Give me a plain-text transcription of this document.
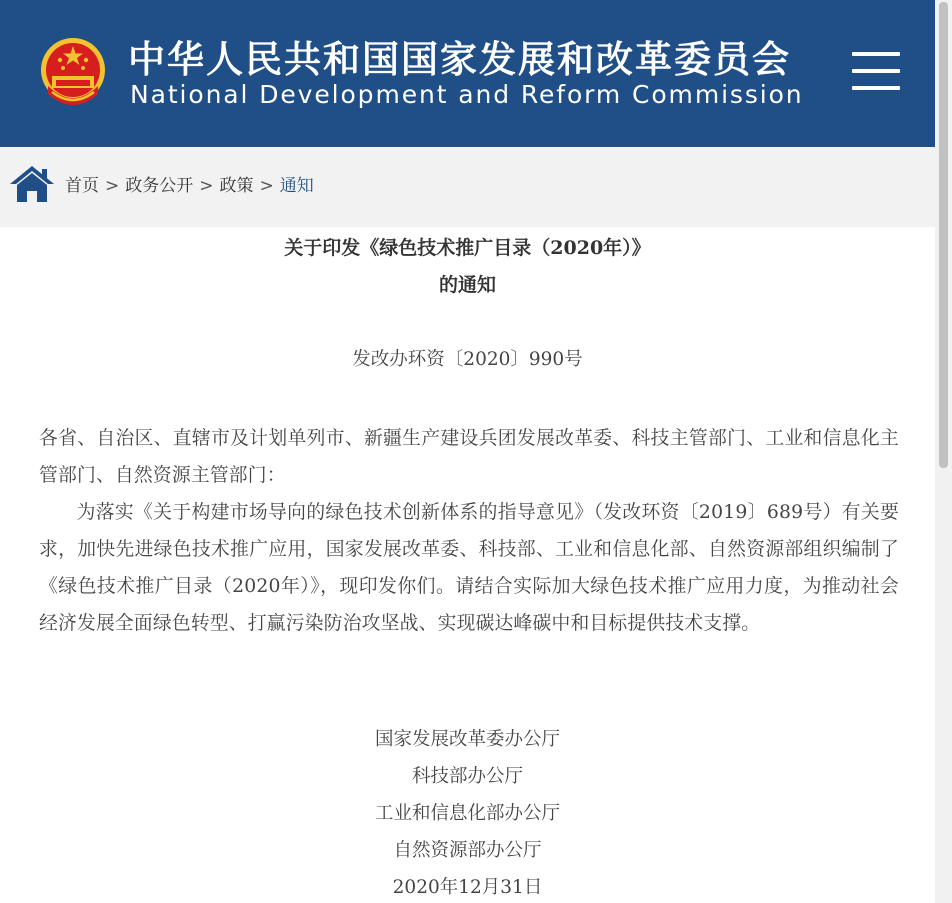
中华人民共和国国家发展和改革委员会
National Development and Reform Commission
首页 > 政务公开 > 政策 > 通知
关于印发《绿色技术推广目录（2020年）》
的通知
发改办环资〔2020〕990号

各省、自治区、直辖市及计划单列市、新疆生产建设兵团发展改革委、科技主管部门、工业和信息化主管部门、自然资源主管部门：

为落实《关于构建市场导向的绿色技术创新体系的指导意见》（发改环资〔2019〕689号）有关要求，加快先进绿色技术推广应用，国家发展改革委、科技部、工业和信息化部、自然资源部组织编制了《绿色技术推广目录（2020年）》，现印发你们。请结合实际加大绿色技术推广应用力度，为推动社会经济发展全面绿色转型、打赢污染防治攻坚战、实现碳达峰碳中和目标提供技术支撑。

国家发展改革委办公厅
科技部办公厅
工业和信息化部办公厅
自然资源部办公厅
2020年12月31日
